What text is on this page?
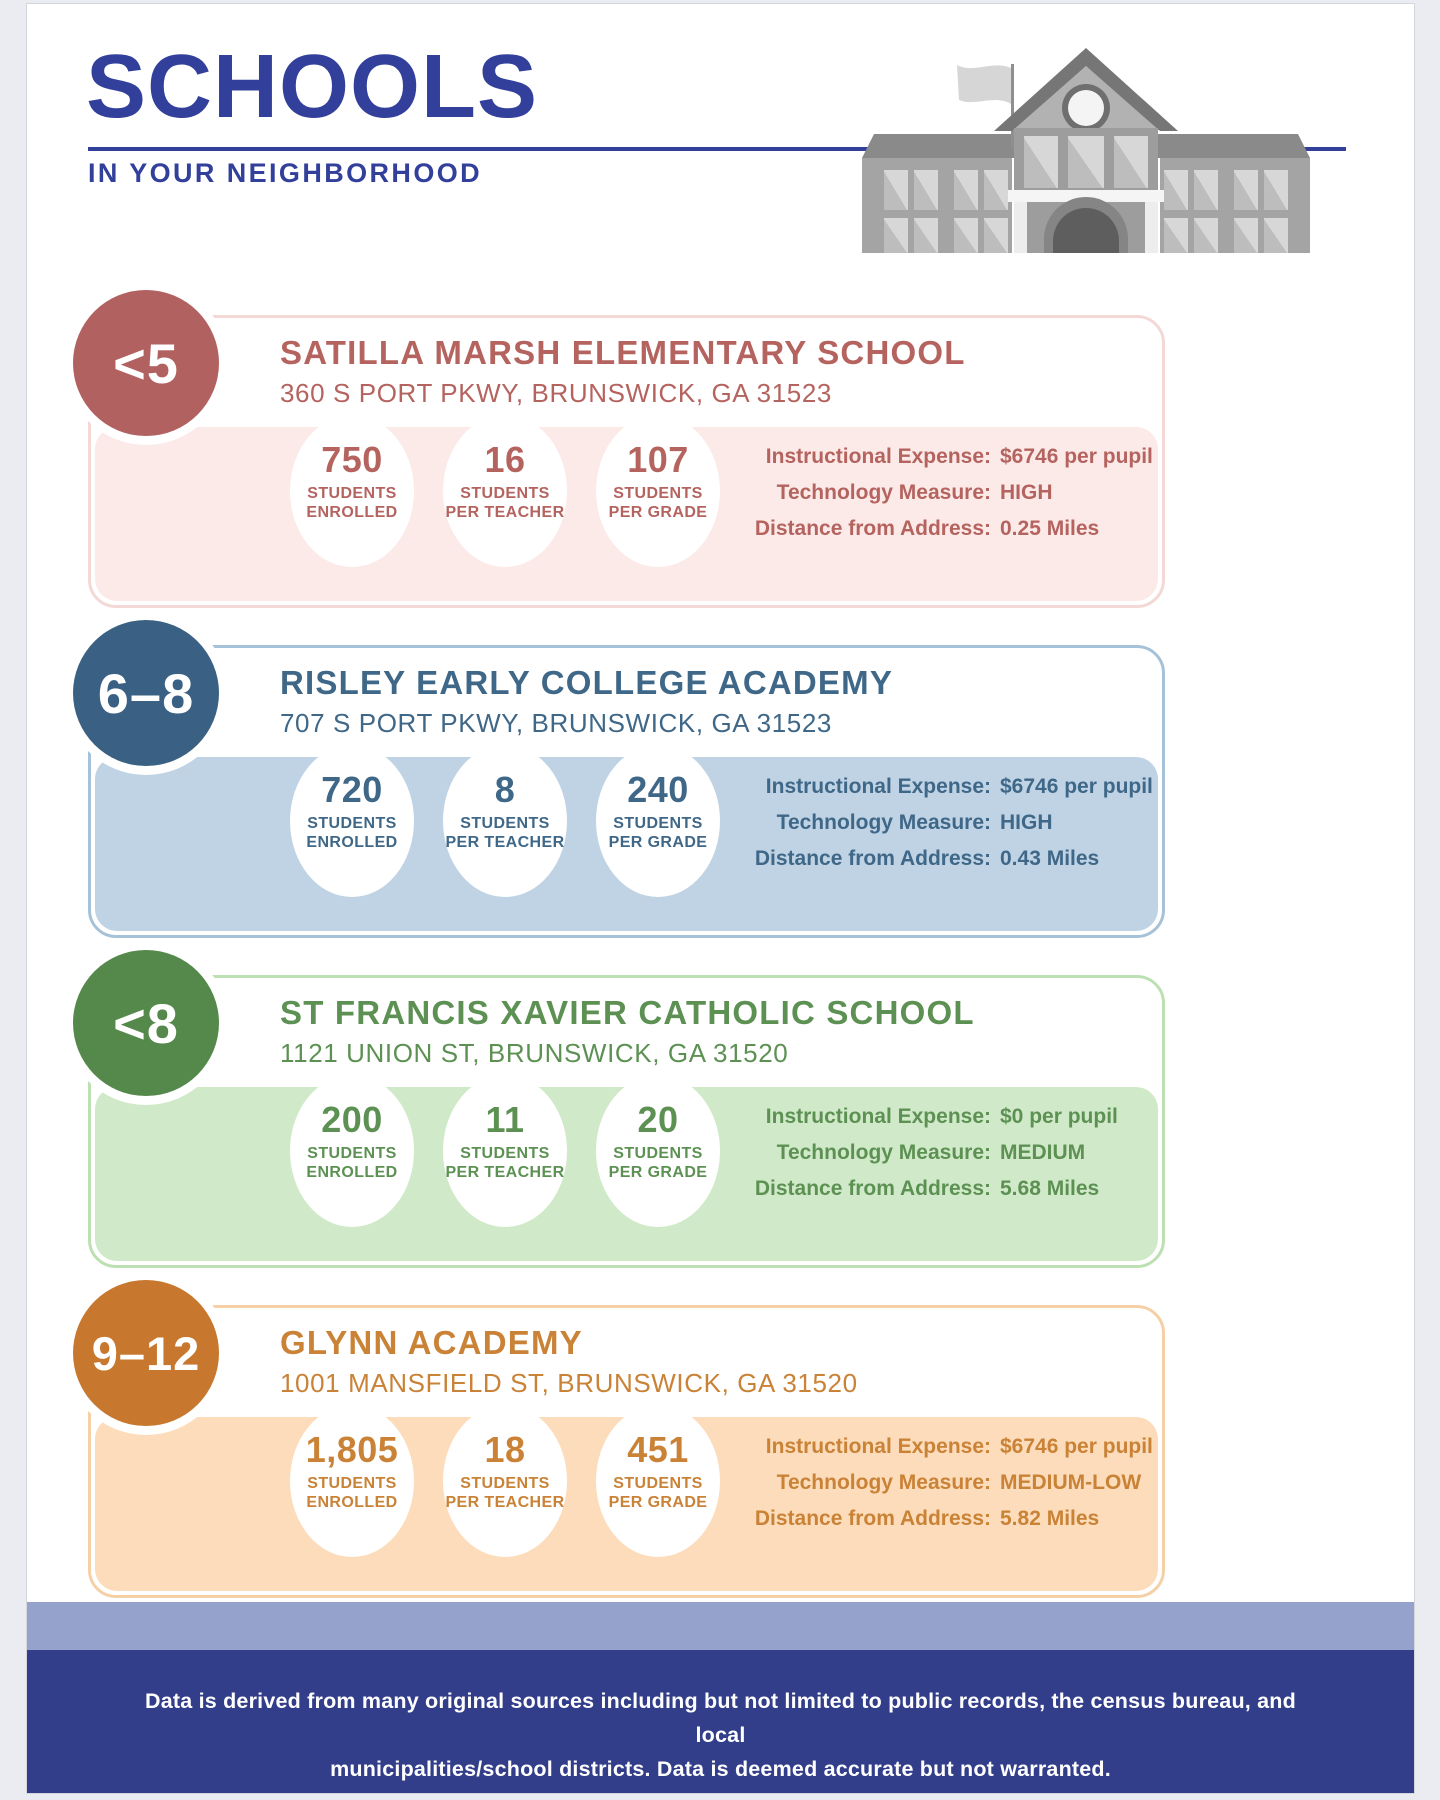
SCHOOLS
IN YOUR NEIGHBORHOOD
<5	SATILLA MARSH ELEMENTARY SCHOOL
360 S PORT PKWY, BRUNSWICK, GA 31523
750
STUDENTS
ENROLLED
16
STUDENTS
PER TEACHER
107
STUDENTS
PER GRADE
Instructional Expense: $6746 per pupil
Technology Measure: HIGH
Distance from Address: 0.25 Miles
6–8	RISLEY EARLY COLLEGE ACADEMY
707 S PORT PKWY, BRUNSWICK, GA 31523
720
STUDENTS
ENROLLED
8
STUDENTS
PER TEACHER
240
STUDENTS
PER GRADE
Instructional Expense: $6746 per pupil
Technology Measure: HIGH
Distance from Address: 0.43 Miles
<8	ST FRANCIS XAVIER CATHOLIC SCHOOL
1121 UNION ST, BRUNSWICK, GA 31520
200
STUDENTS
ENROLLED
11
STUDENTS
PER TEACHER
20
STUDENTS
PER GRADE
Instructional Expense: $0 per pupil
Technology Measure: MEDIUM
Distance from Address: 5.68 Miles
9–12	GLYNN ACADEMY
1001 MANSFIELD ST, BRUNSWICK, GA 31520
1,805
STUDENTS
ENROLLED
18
STUDENTS
PER TEACHER
451
STUDENTS
PER GRADE
Instructional Expense: $6746 per pupil
Technology Measure: MEDIUM-LOW
Distance from Address: 5.82 Miles
Data is derived from many original sources including but not limited to public records, the census bureau, and local
municipalities/school districts. Data is deemed accurate but not warranted.
